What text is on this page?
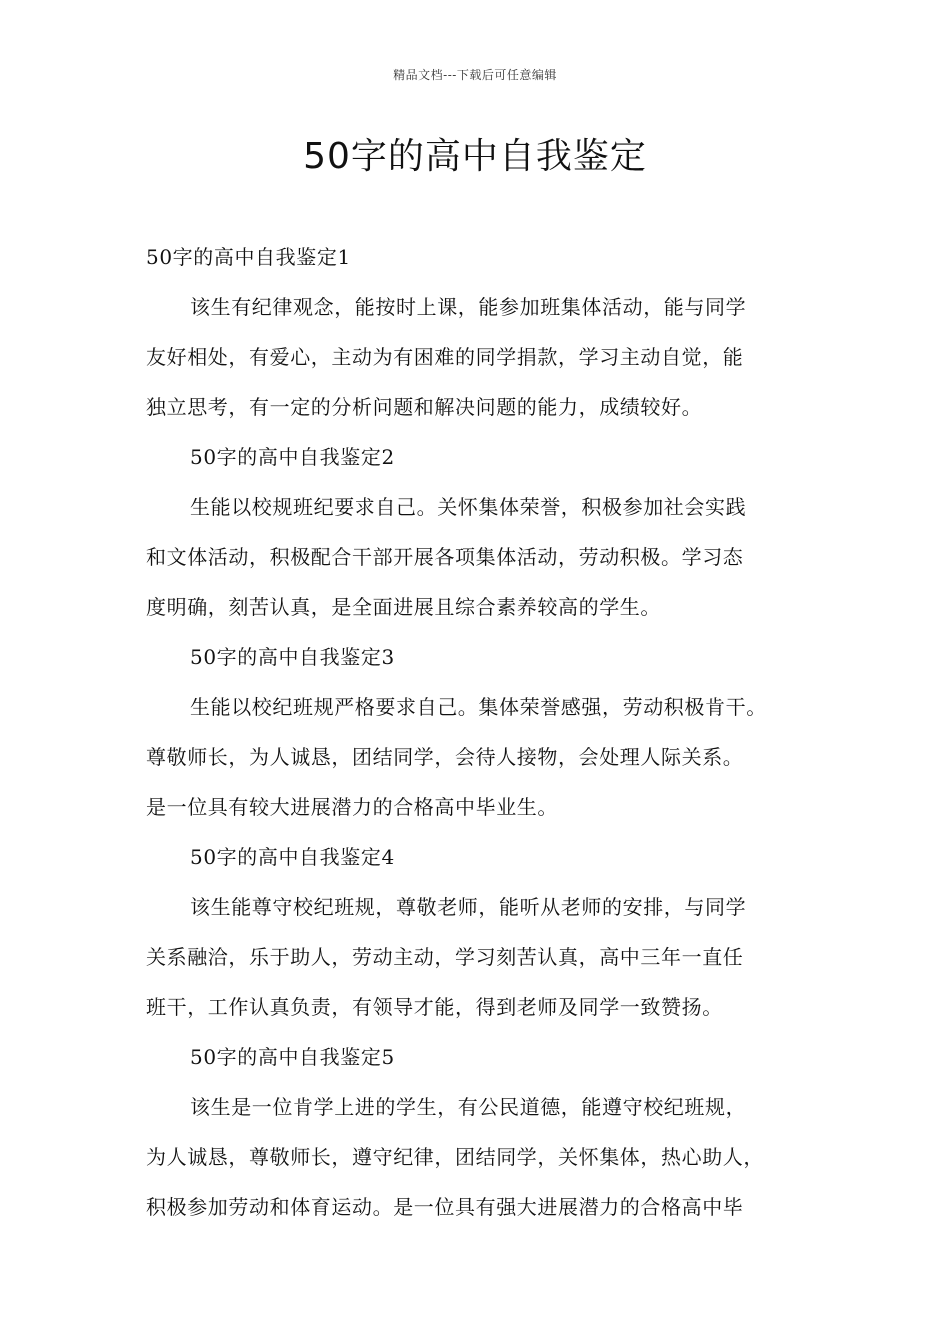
精品文档---下载后可任意编辑
50字的高中自我鉴定
50字的高中自我鉴定1
该生有纪律观念，能按时上课，能参加班集体活动，能与同学
友好相处，有爱心，主动为有困难的同学捐款，学习主动自觉，能
独立思考，有一定的分析问题和解决问题的能力，成绩较好。
50字的高中自我鉴定2
生能以校规班纪要求自己。关怀集体荣誉，积极参加社会实践
和文体活动，积极配合干部开展各项集体活动，劳动积极。学习态
度明确，刻苦认真，是全面进展且综合素养较高的学生。
50字的高中自我鉴定3
生能以校纪班规严格要求自己。集体荣誉感强，劳动积极肯干。
尊敬师长，为人诚恳，团结同学，会待人接物，会处理人际关系。
是一位具有较大进展潜力的合格高中毕业生。
50字的高中自我鉴定4
该生能尊守校纪班规，尊敬老师，能听从老师的安排，与同学
关系融洽，乐于助人，劳动主动，学习刻苦认真，高中三年一直任
班干，工作认真负责，有领导才能，得到老师及同学一致赞扬。
50字的高中自我鉴定5
该生是一位肯学上进的学生，有公民道德，能遵守校纪班规，
为人诚恳，尊敬师长，遵守纪律，团结同学，关怀集体，热心助人，
积极参加劳动和体育运动。是一位具有强大进展潜力的合格高中毕
